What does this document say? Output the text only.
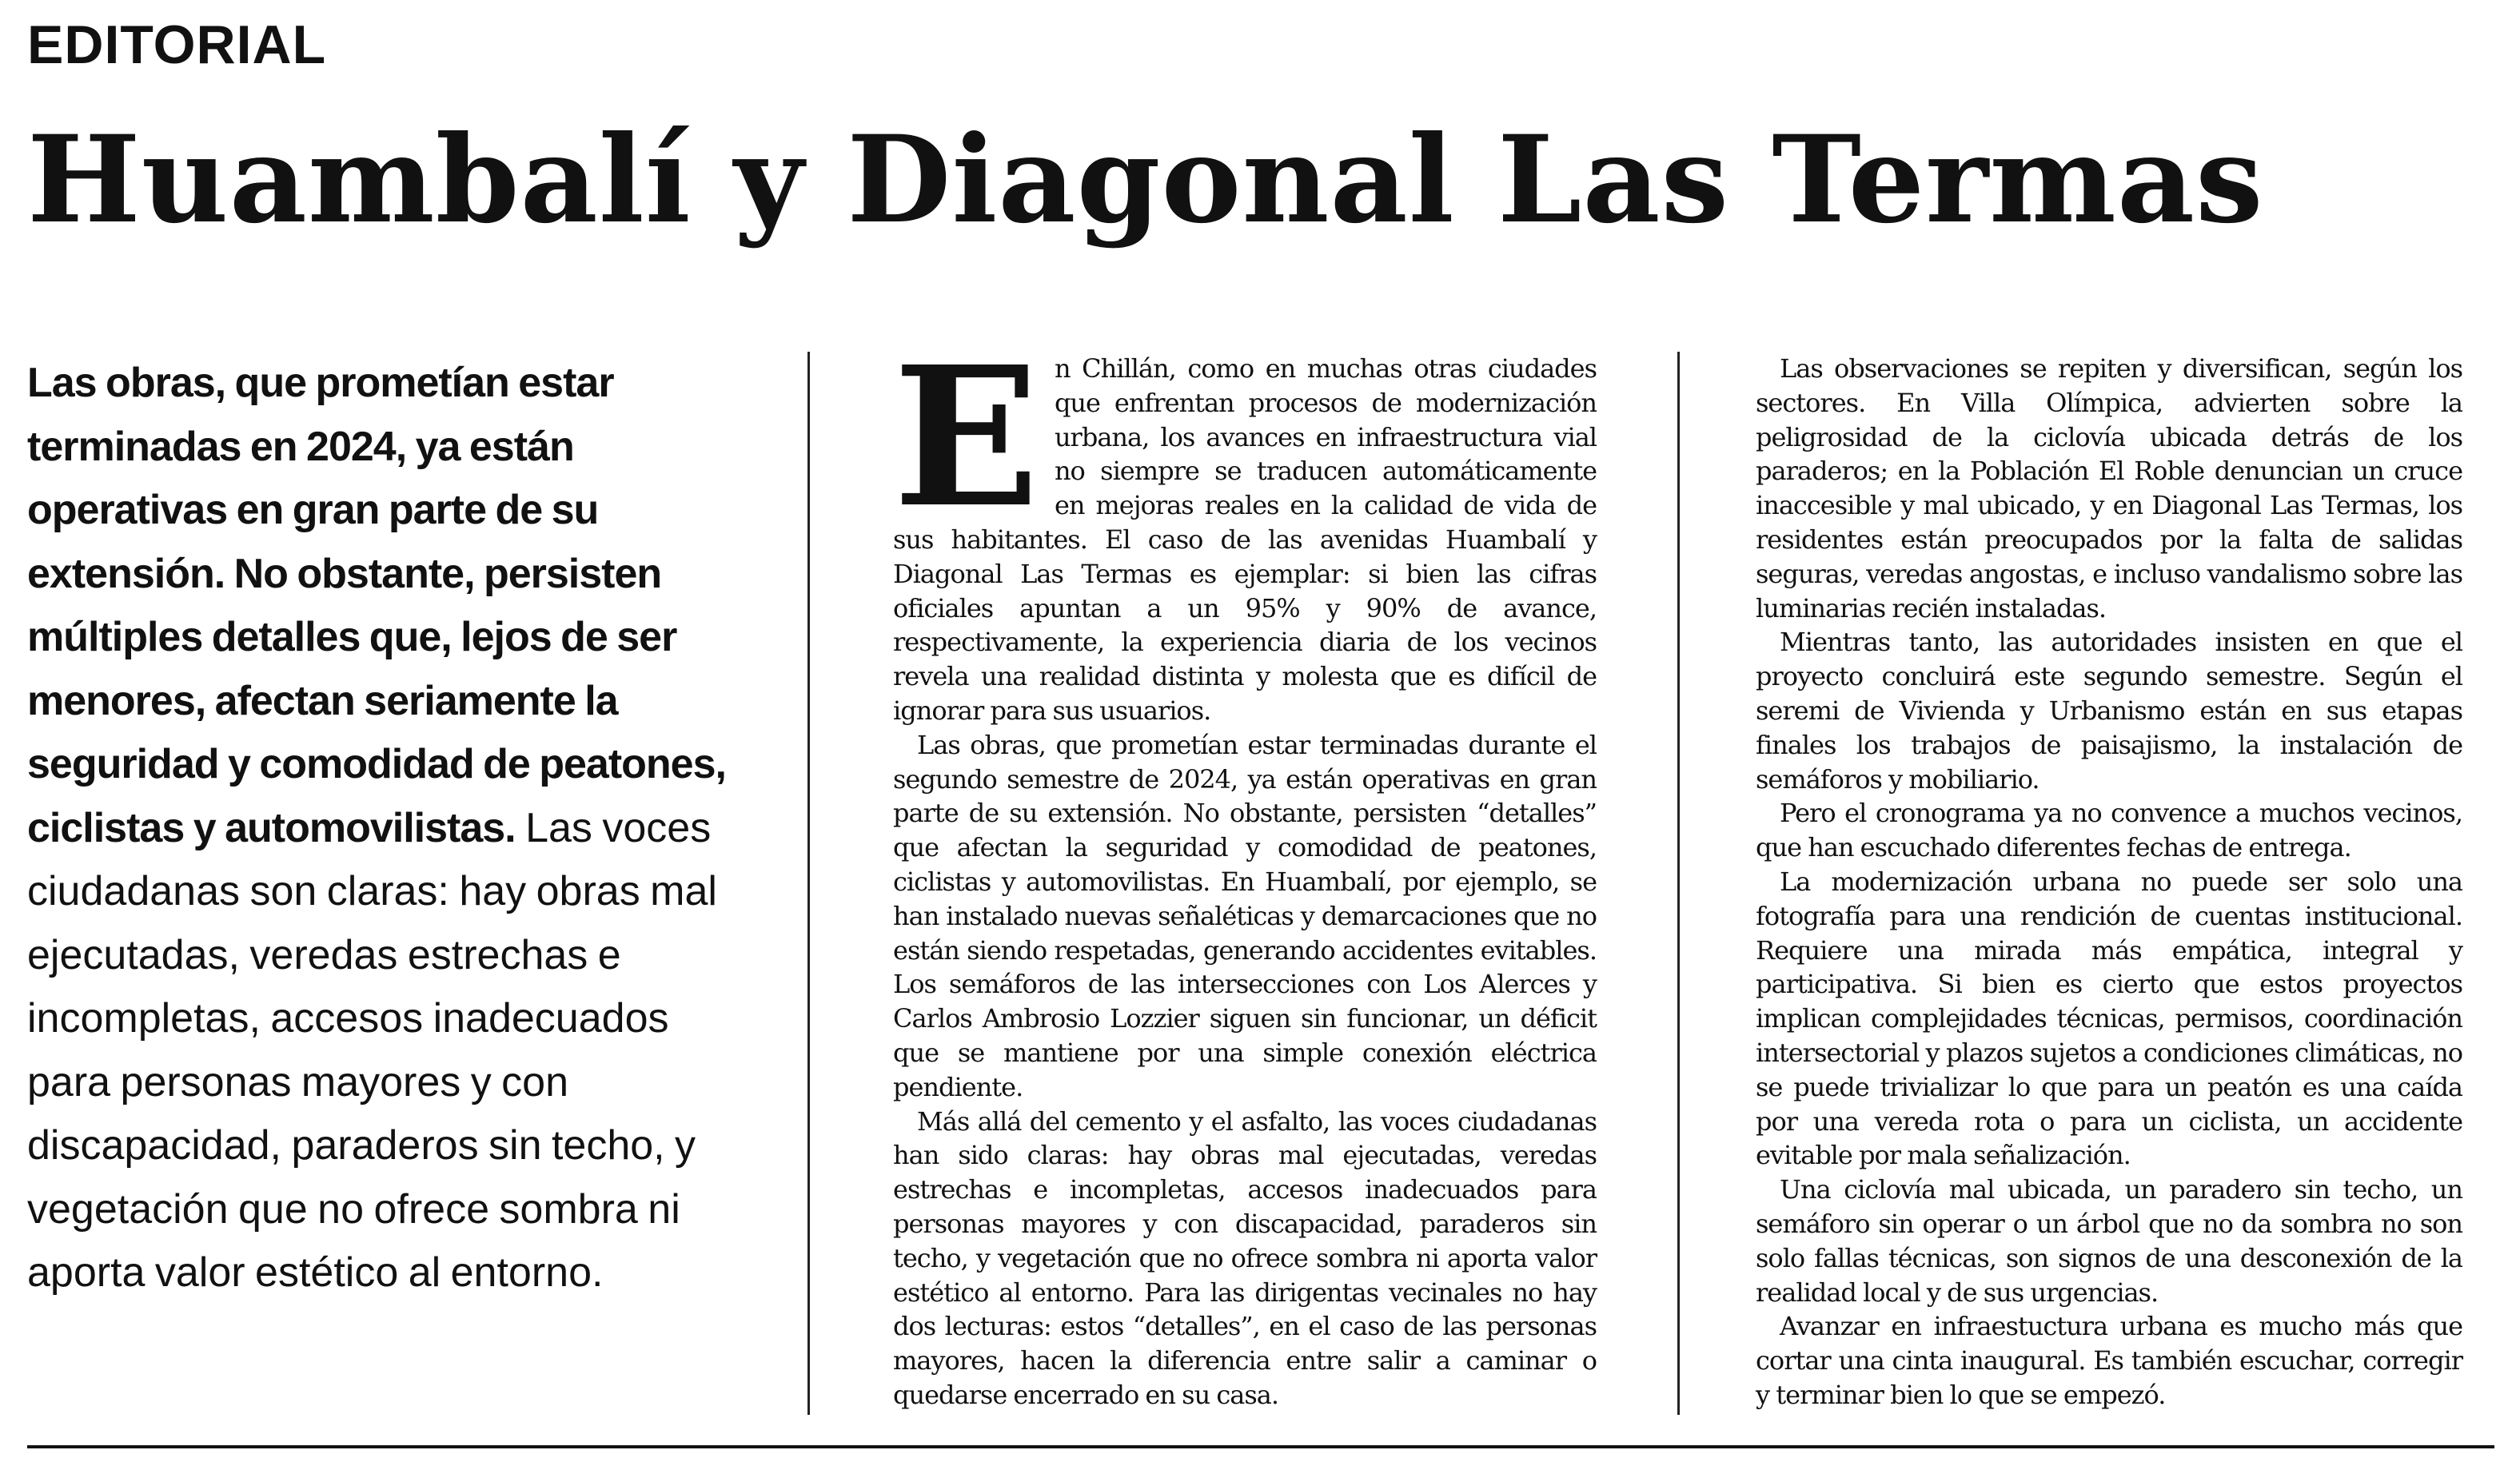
EDITORIAL
Huambalí y Diagonal Las Termas
Las obras, que prometían estar terminadas en 2024, ya están operativas en gran parte de su extensión. No obstante, persisten múltiples detalles que, lejos de ser menores, afectan seriamente la seguridad y comodidad de peatones, ciclistas y automovilistas. Las voces ciudadanas son claras: hay obras mal ejecutadas, veredas estrechas e incompletas, accesos inadecuados para personas mayores y con discapacidad, paraderos sin techo, y vegetación que no ofrece sombra ni aporta valor estético al entorno.

En Chillán, como en muchas otras ciudades que enfrentan procesos de modernización urbana, los avances en infraestructura vial no siempre se traducen automáticamente en mejoras reales en la calidad de vida de sus habitantes. El caso de las avenidas Huambalí y Diagonal Las Termas es ejemplar: si bien las cifras oficiales apuntan a un 95% y 90% de avance, respectivamente, la experiencia diaria de los vecinos revela una realidad distinta y molesta que es difícil de ignorar para sus usuarios.

Las obras, que prometían estar terminadas durante el segundo semestre de 2024, ya están operativas en gran parte de su extensión. No obstante, persisten “detalles” que afectan la seguridad y comodidad de peatones, ciclistas y automovilistas. En Huambalí, por ejemplo, se han instalado nuevas señaléticas y demarcaciones que no están siendo respetadas, generando accidentes evitables. Los semáforos de las intersecciones con Los Alerces y Carlos Ambrosio Lozzier siguen sin funcionar, un déficit que se mantiene por una simple conexión eléctrica pendiente.

Más allá del cemento y el asfalto, las voces ciudadanas han sido claras: hay obras mal ejecutadas, veredas estrechas e incompletas, accesos inadecuados para personas mayores y con discapacidad, paraderos sin techo, y vegetación que no ofrece sombra ni aporta valor estético al entorno. Para las dirigentas vecinales no hay dos lecturas: estos “detalles”, en el caso de las personas mayores, hacen la diferencia entre salir a caminar o quedarse encerrado en su casa.

Las observaciones se repiten y diversifican, según los sectores. En Villa Olímpica, advierten sobre la peligrosidad de la ciclovía ubicada detrás de los paraderos; en la Población El Roble denuncian un cruce inaccesible y mal ubicado, y en Diagonal Las Termas, los residentes están preocupados por la falta de salidas seguras, veredas angostas, e incluso vandalismo sobre las luminarias recién instaladas.

Mientras tanto, las autoridades insisten en que el proyecto concluirá este segundo semestre. Según el seremi de Vivienda y Urbanismo están en sus etapas finales los trabajos de paisajismo, la instalación de semáforos y mobiliario.

Pero el cronograma ya no convence a muchos vecinos, que han escuchado diferentes fechas de entrega.

La modernización urbana no puede ser solo una fotografía para una rendición de cuentas institucional. Requiere una mirada más empática, integral y participativa. Si bien es cierto que estos proyectos implican complejidades técnicas, permisos, coordinación intersectorial y plazos sujetos a condiciones climáticas, no se puede trivializar lo que para un peatón es una caída por una vereda rota o para un ciclista, un accidente evitable por mala señalización.

Una ciclovía mal ubicada, un paradero sin techo, un semáforo sin operar o un árbol que no da sombra no son solo fallas técnicas, son signos de una desconexión de la realidad local y de sus urgencias.

Avanzar en infraestuctura urbana es mucho más que cortar una cinta inaugural. Es también escuchar, corregir y terminar bien lo que se empezó.
